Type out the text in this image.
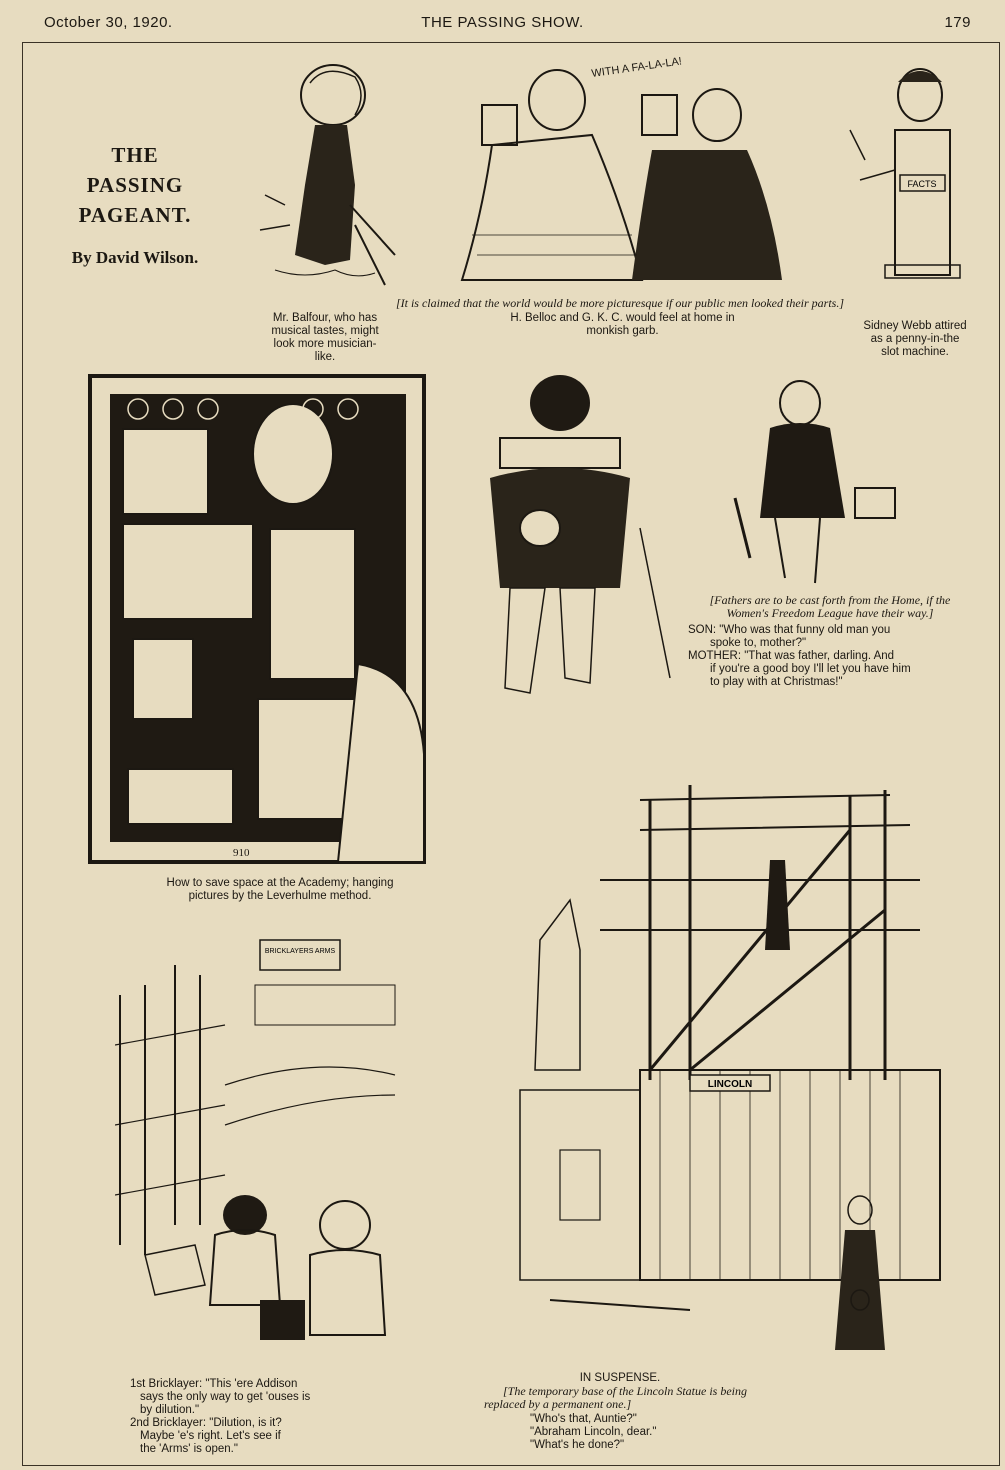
October 30, 1920.	THE PASSING SHOW.	179
THE
PASSING
PAGEANT.
By David Wilson.
Mr. Balfour, who has
musical tastes, might
look more musician-
like.
WITH A FA-LA-LA!
[It is claimed that the world would be more picturesque if our public men looked their parts.]
H. Belloc and G. K. C. would feel at home in
monkish garb.
FACTS
Sidney Webb attired
as a penny-in-the
slot machine.
910
How to save space at the Academy; hanging
pictures by the Leverhulme method.
[Fathers are to be cast forth from the Home, if the
Women's Freedom League have their way.]
SON: "Who was that funny old man you
spoke to, mother?"
MOTHER: "That was father, darling. And
if you're a good boy I'll let you have him
to play with at Christmas!"
BRICKLAYERS ARMS
1st Bricklayer: "This 'ere Addison
says the only way to get 'ouses is
by dilution."
2nd Bricklayer: "Dilution, is it?
Maybe 'e's right. Let's see if
the 'Arms' is open."
LINCOLN
IN SUSPENSE.
[The temporary base of the Lincoln Statue is being
replaced by a permanent one.]
"Who's that, Auntie?"
"Abraham Lincoln, dear."
"What's he done?"
